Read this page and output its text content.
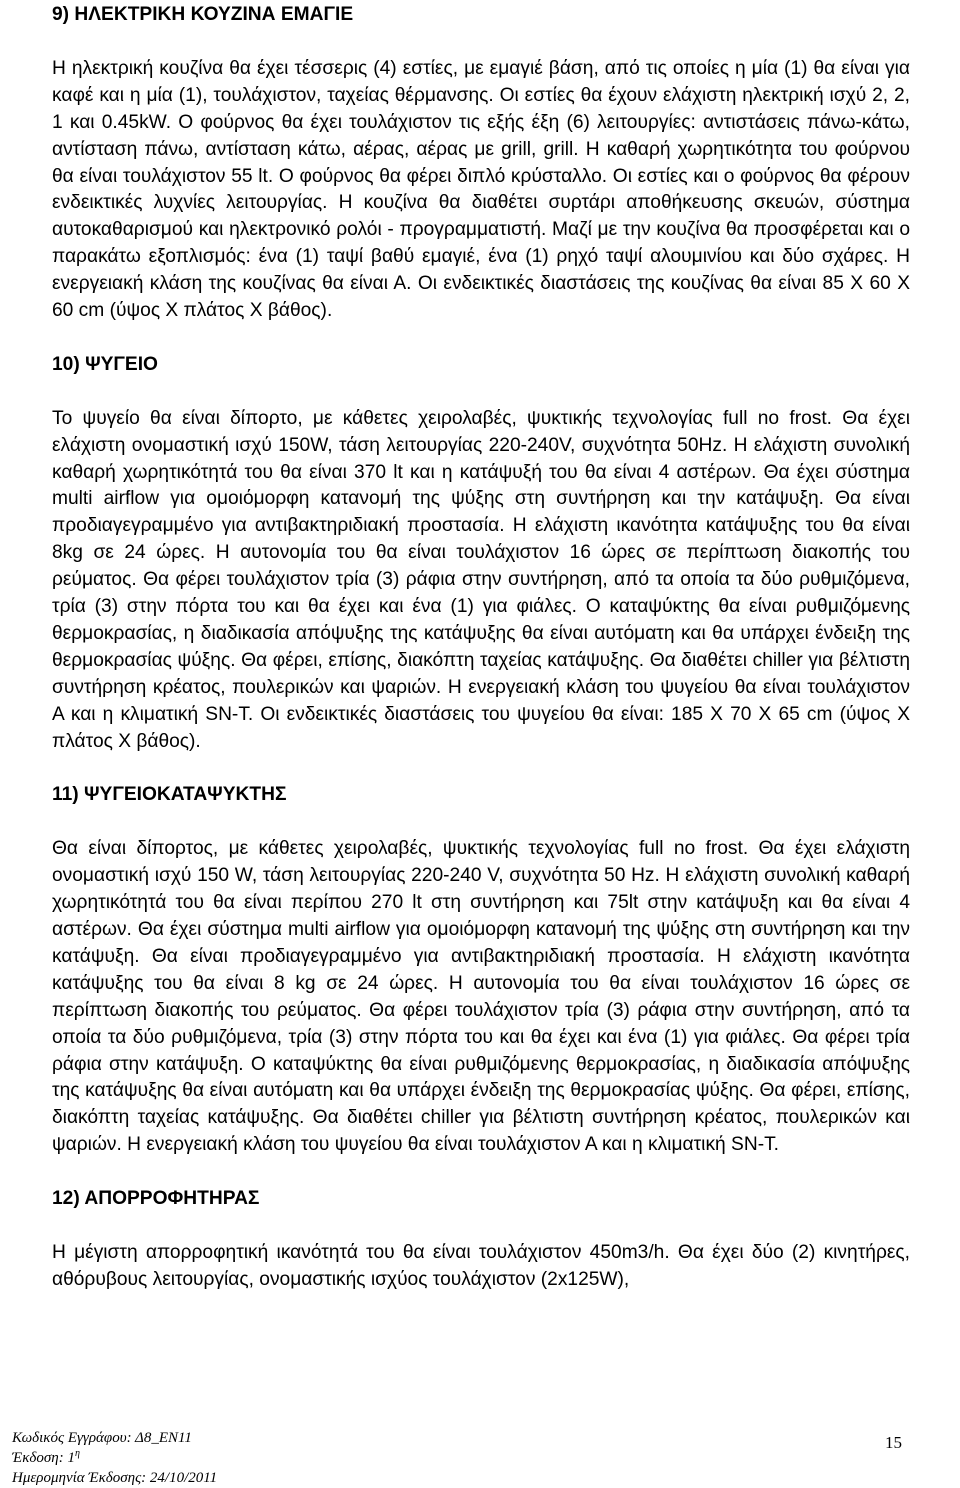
9) ΗΛΕΚΤΡΙΚΗ ΚΟΥΖΙΝΑ ΕΜΑΓΙΕ

Η ηλεκτρική κουζίνα θα έχει τέσσερις (4) εστίες, με εμαγιέ βάση, από τις οποίες η μία (1) θα είναι για καφέ και η μία (1), τουλάχιστον, ταχείας θέρμανσης. Οι εστίες θα έχουν ελάχιστη ηλεκτρική ισχύ 2, 2, 1 και 0.45kW. Ο φούρνος θα έχει τουλάχιστον τις εξής έξη (6) λειτουργίες: αντιστάσεις πάνω-κάτω, αντίσταση πάνω, αντίσταση κάτω, αέρας, αέρας με grill, grill. Η καθαρή χωρητικότητα του φούρνου θα είναι τουλάχιστον 55 lt. Ο φούρνος θα φέρει διπλό κρύσταλλο. Οι εστίες και ο φούρνος θα φέρουν ενδεικτικές λυχνίες λειτουργίας. Η κουζίνα θα διαθέτει συρτάρι αποθήκευσης σκευών, σύστημα αυτοκαθαρισμού και ηλεκτρονικό ρολόι - προγραμματιστή. Μαζί με την κουζίνα θα προσφέρεται και ο παρακάτω εξοπλισμός: ένα (1) ταψί βαθύ εμαγιέ, ένα (1) ρηχό ταψί αλουμινίου και δύο σχάρες. Η ενεργειακή κλάση της κουζίνας θα είναι Α. Οι ενδεικτικές διαστάσεις της κουζίνας θα είναι 85 Χ 60 Χ 60 cm (ύψος Χ πλάτος Χ βάθος).

10) ΨΥΓΕΙΟ

Το ψυγείο θα είναι δίπορτο, με κάθετες χειρολαβές, ψυκτικής τεχνολογίας full no frost. Θα έχει ελάχιστη ονομαστική ισχύ 150W, τάση λειτουργίας 220-240V, συχνότητα 50Hz. Η ελάχιστη συνολική καθαρή χωρητικότητά του θα είναι 370 lt και η κατάψυξή του θα είναι 4 αστέρων. Θα έχει σύστημα multi airflow για ομοιόμορφη κατανομή της ψύξης στη συντήρηση και την κατάψυξη. Θα είναι προδιαγεγραμμένο για αντιβακτηριδιακή προστασία. Η ελάχιστη ικανότητα κατάψυξης του θα είναι 8kg σε 24 ώρες. Η αυτονομία του θα είναι τουλάχιστον 16 ώρες σε περίπτωση διακοπής του ρεύματος. Θα φέρει τουλάχιστον τρία (3) ράφια στην συντήρηση, από τα οποία τα δύο ρυθμιζόμενα, τρία (3) στην πόρτα του και θα έχει και ένα (1) για φιάλες. Ο καταψύκτης θα είναι ρυθμιζόμενης θερμοκρασίας, η διαδικασία απόψυξης της κατάψυξης θα είναι αυτόματη και θα υπάρχει ένδειξη της θερμοκρασίας ψύξης. Θα φέρει, επίσης, διακόπτη ταχείας κατάψυξης. Θα διαθέτει chiller για βέλτιστη συντήρηση κρέατος, πουλερικών και ψαριών. Η ενεργειακή κλάση του ψυγείου θα είναι τουλάχιστον Α και η κλιματική SN-T. Οι ενδεικτικές διαστάσεις του ψυγείου θα είναι: 185 Χ 70 Χ 65 cm (ύψος Χ πλάτος Χ βάθος).

11) ΨΥΓΕΙΟΚΑΤΑΨΥΚΤΗΣ

Θα είναι δίπορτος, με κάθετες χειρολαβές, ψυκτικής τεχνολογίας full no frost. Θα έχει ελάχιστη ονομαστική ισχύ 150 W, τάση λειτουργίας 220-240 V, συχνότητα 50 Hz. Η ελάχιστη συνολική καθαρή χωρητικότητά του θα είναι περίπου 270 lt στη συντήρηση και 75lt στην κατάψυξη και θα είναι 4 αστέρων. Θα έχει σύστημα multi airflow για ομοιόμορφη κατανομή της ψύξης στη συντήρηση και την κατάψυξη. Θα είναι προδιαγεγραμμένο για αντιβακτηριδιακή προστασία. Η ελάχιστη ικανότητα κατάψυξης του θα είναι 8 kg σε 24 ώρες. Η αυτονομία του θα είναι τουλάχιστον 16 ώρες σε περίπτωση διακοπής του ρεύματος. Θα φέρει τουλάχιστον τρία (3) ράφια στην συντήρηση, από τα οποία τα δύο ρυθμιζόμενα, τρία (3) στην πόρτα του και θα έχει και ένα (1) για φιάλες. Θα φέρει τρία ράφια στην κατάψυξη. Ο καταψύκτης θα είναι ρυθμιζόμενης θερμοκρασίας, η διαδικασία απόψυξης της κατάψυξης θα είναι αυτόματη και θα υπάρχει ένδειξη της θερμοκρασίας ψύξης. Θα φέρει, επίσης, διακόπτη ταχείας κατάψυξης. Θα διαθέτει chiller για βέλτιστη συντήρηση κρέατος, πουλερικών και ψαριών. Η ενεργειακή κλάση του ψυγείου θα είναι τουλάχιστον Α και η κλιματική SN-T.

12) ΑΠΟΡΡΟΦΗΤΗΡΑΣ

Η μέγιστη απορροφητική ικανότητά του θα είναι τουλάχιστον 450m3/h. Θα έχει δύο (2) κινητήρες, αθόρυβους λειτουργίας, ονομαστικής ισχύος τουλάχιστον (2x125W),

Κωδικός Εγγράφου: Δ8_ΕΝ11
Έκδοση: $1^\eta$
Ημερομηνία Έκδοσης: 24/10/2011
15
